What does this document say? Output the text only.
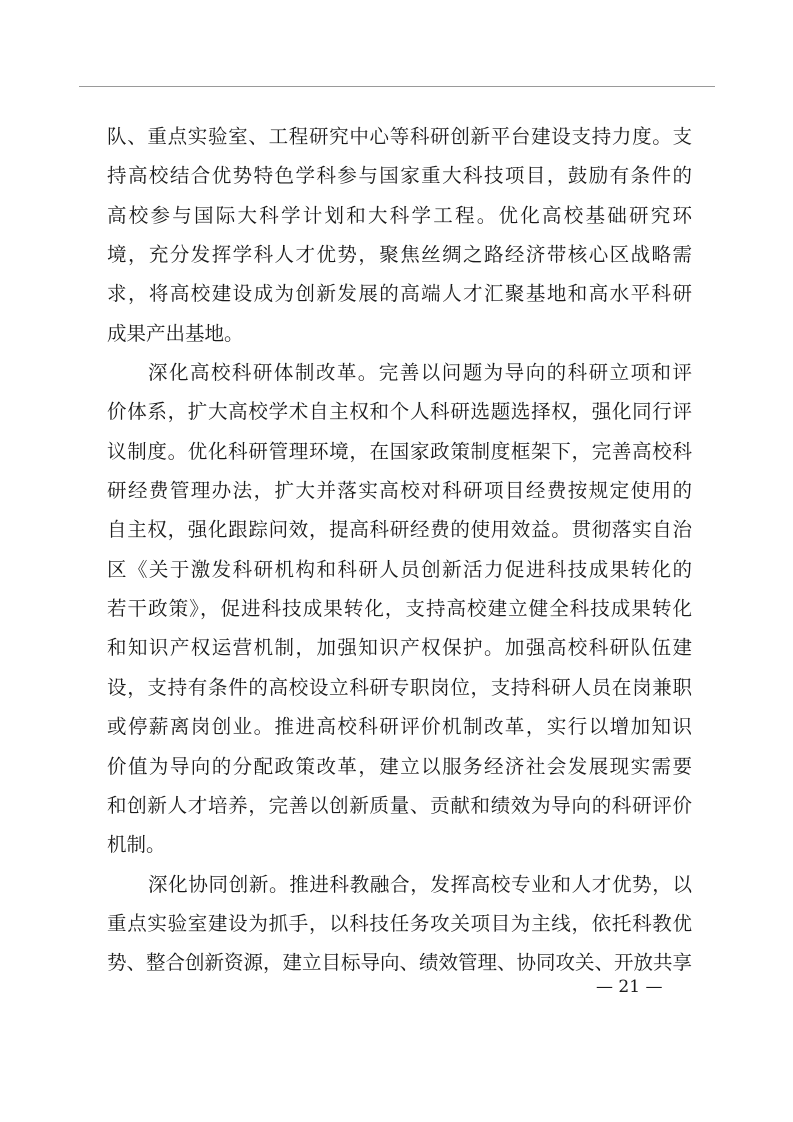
队、重点实验室、工程研究中心等科研创新平台建设支持力度。支
持高校结合优势特色学科参与国家重大科技项目，鼓励有条件的
高校参与国际大科学计划和大科学工程。优化高校基础研究环
境，充分发挥学科人才优势，聚焦丝绸之路经济带核心区战略需
求，将高校建设成为创新发展的高端人才汇聚基地和高水平科研
成果产出基地。
深化高校科研体制改革。完善以问题为导向的科研立项和评
价体系，扩大高校学术自主权和个人科研选题选择权，强化同行评
议制度。优化科研管理环境，在国家政策制度框架下，完善高校科
研经费管理办法，扩大并落实高校对科研项目经费按规定使用的
自主权，强化跟踪问效，提高科研经费的使用效益。贯彻落实自治
区《关于激发科研机构和科研人员创新活力促进科技成果转化的
若干政策》，促进科技成果转化，支持高校建立健全科技成果转化
和知识产权运营机制，加强知识产权保护。加强高校科研队伍建
设，支持有条件的高校设立科研专职岗位，支持科研人员在岗兼职
或停薪离岗创业。推进高校科研评价机制改革，实行以增加知识
价值为导向的分配政策改革，建立以服务经济社会发展现实需要
和创新人才培养，完善以创新质量、贡献和绩效为导向的科研评价
机制。
深化协同创新。推进科教融合，发挥高校专业和人才优势，以
重点实验室建设为抓手，以科技任务攻关项目为主线，依托科教优
势、整合创新资源，建立目标导向、绩效管理、协同攻关、开放共享
— 21 —
